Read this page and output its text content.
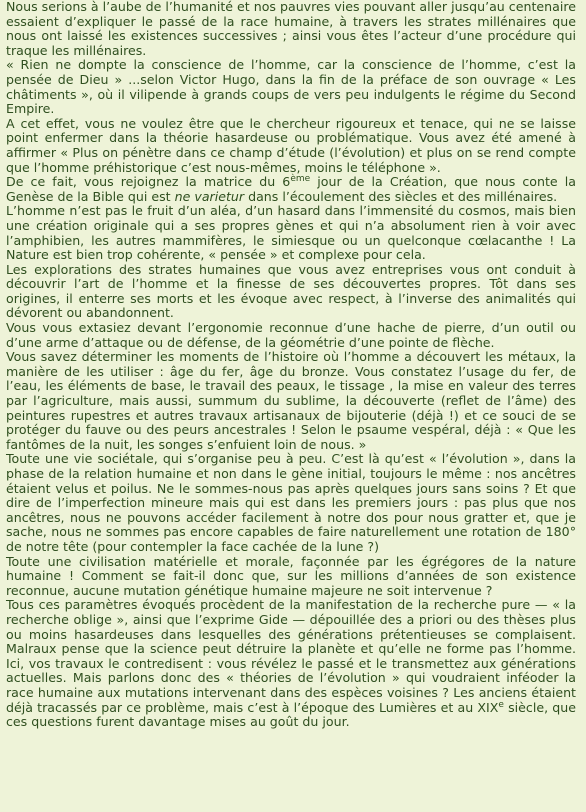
Nous serions à l’aube de l’humanité et nos pauvres vies pouvant aller jusqu’au centenaire essaient d’expliquer le passé de la race humaine, à travers les strates millénaires que nous ont laissé les existences successives ; ainsi vous êtes l’acteur d’une procédure qui traque les millénaires.

« Rien ne dompte la conscience de l’homme, car la conscience de l’homme, c’est la pensée de Dieu » ...selon Victor Hugo, dans la fin de la préface de son ouvrage « Les châtiments », où il vilipende à grands coups de vers peu indulgents le régime du Second Empire.

A cet effet, vous ne voulez être que le chercheur rigoureux et tenace, qui ne se laisse point enfermer dans la théorie hasardeuse ou problématique. Vous avez été amené à affirmer « Plus on pénètre dans ce champ d’étude (l’évolution) et plus on se rend compte que l’homme préhistorique c’est nous-mêmes, moins le téléphone ».

De ce fait, vous rejoignez la matrice du 6ème jour de la Création, que nous conte la Genèse de la Bible qui est ne varietur dans l’écoulement des siècles et des millénaires.

L’homme n’est pas le fruit d’un aléa, d’un hasard dans l’immensité du cosmos, mais bien une création originale qui a ses propres gènes et qui n’a absolument rien à voir avec l’amphibien, les autres mammifères, le simiesque ou un quelconque cœlacanthe ! La Nature est bien trop cohérente, « pensée » et complexe pour cela.

Les explorations des strates humaines que vous avez entreprises vous ont conduit à découvrir l’art de l’homme et la finesse de ses découvertes propres. Tôt dans ses origines, il enterre ses morts et les évoque avec respect, à l’inverse des animalités qui dévorent ou abandonnent.

Vous vous extasiez devant l’ergonomie reconnue d’une hache de pierre, d’un outil ou d’une arme d’attaque ou de défense, de la géométrie d’une pointe de flèche.

Vous savez déterminer les moments de l’histoire où l’homme a découvert les métaux, la manière de les utiliser : âge du fer, âge du bronze. Vous constatez l’usage du fer, de l’eau, les éléments de base, le travail des peaux, le tissage , la mise en valeur des terres par l’agriculture, mais aussi, summum du sublime, la découverte (reflet de l’âme) des peintures rupestres et autres travaux artisanaux de bijouterie (déjà !) et ce souci de se protéger du fauve ou des peurs ancestrales ! Selon le psaume vespéral, déjà : « Que les fantômes de la nuit, les songes s’enfuient loin de nous. »

Toute une vie sociétale, qui s’organise peu à peu. C’est là qu’est « l’évolution », dans la phase de la relation humaine et non dans le gène initial, toujours le même : nos ancêtres étaient velus et poilus. Ne le sommes-nous pas après quelques jours sans soins ? Et que dire de l’imperfection mineure mais qui est dans les premiers jours : pas plus que nos ancêtres, nous ne pouvons accéder facilement à notre dos pour nous gratter et, que je sache, nous ne sommes pas encore capables de faire naturellement une rotation de 180° de notre tête (pour contempler la face cachée de la lune ?)

Toute une civilisation matérielle et morale, façonnée par les égrégores de la nature humaine ! Comment se fait-il donc que, sur les millions d’années de son existence reconnue, aucune mutation génétique humaine majeure ne soit intervenue ?

Tous ces paramètres évoqués procèdent de la manifestation de la recherche pure — « la recherche oblige », ainsi que l’exprime Gide — dépouillée des a priori ou des thèses plus ou moins hasardeuses dans lesquelles des générations prétentieuses se complaisent. Malraux pense que la science peut détruire la planète et qu’elle ne forme pas l’homme. Ici, vos travaux le contredisent : vous révélez le passé et le transmettez aux générations actuelles. Mais parlons donc des « théories de l’évolution » qui voudraient inféoder la race humaine aux mutations intervenant dans des espèces voisines ? Les anciens étaient déjà tracassés par ce problème, mais c’est à l’époque des Lumières et au XIXe siècle, que ces questions furent davantage mises au goût du jour.
